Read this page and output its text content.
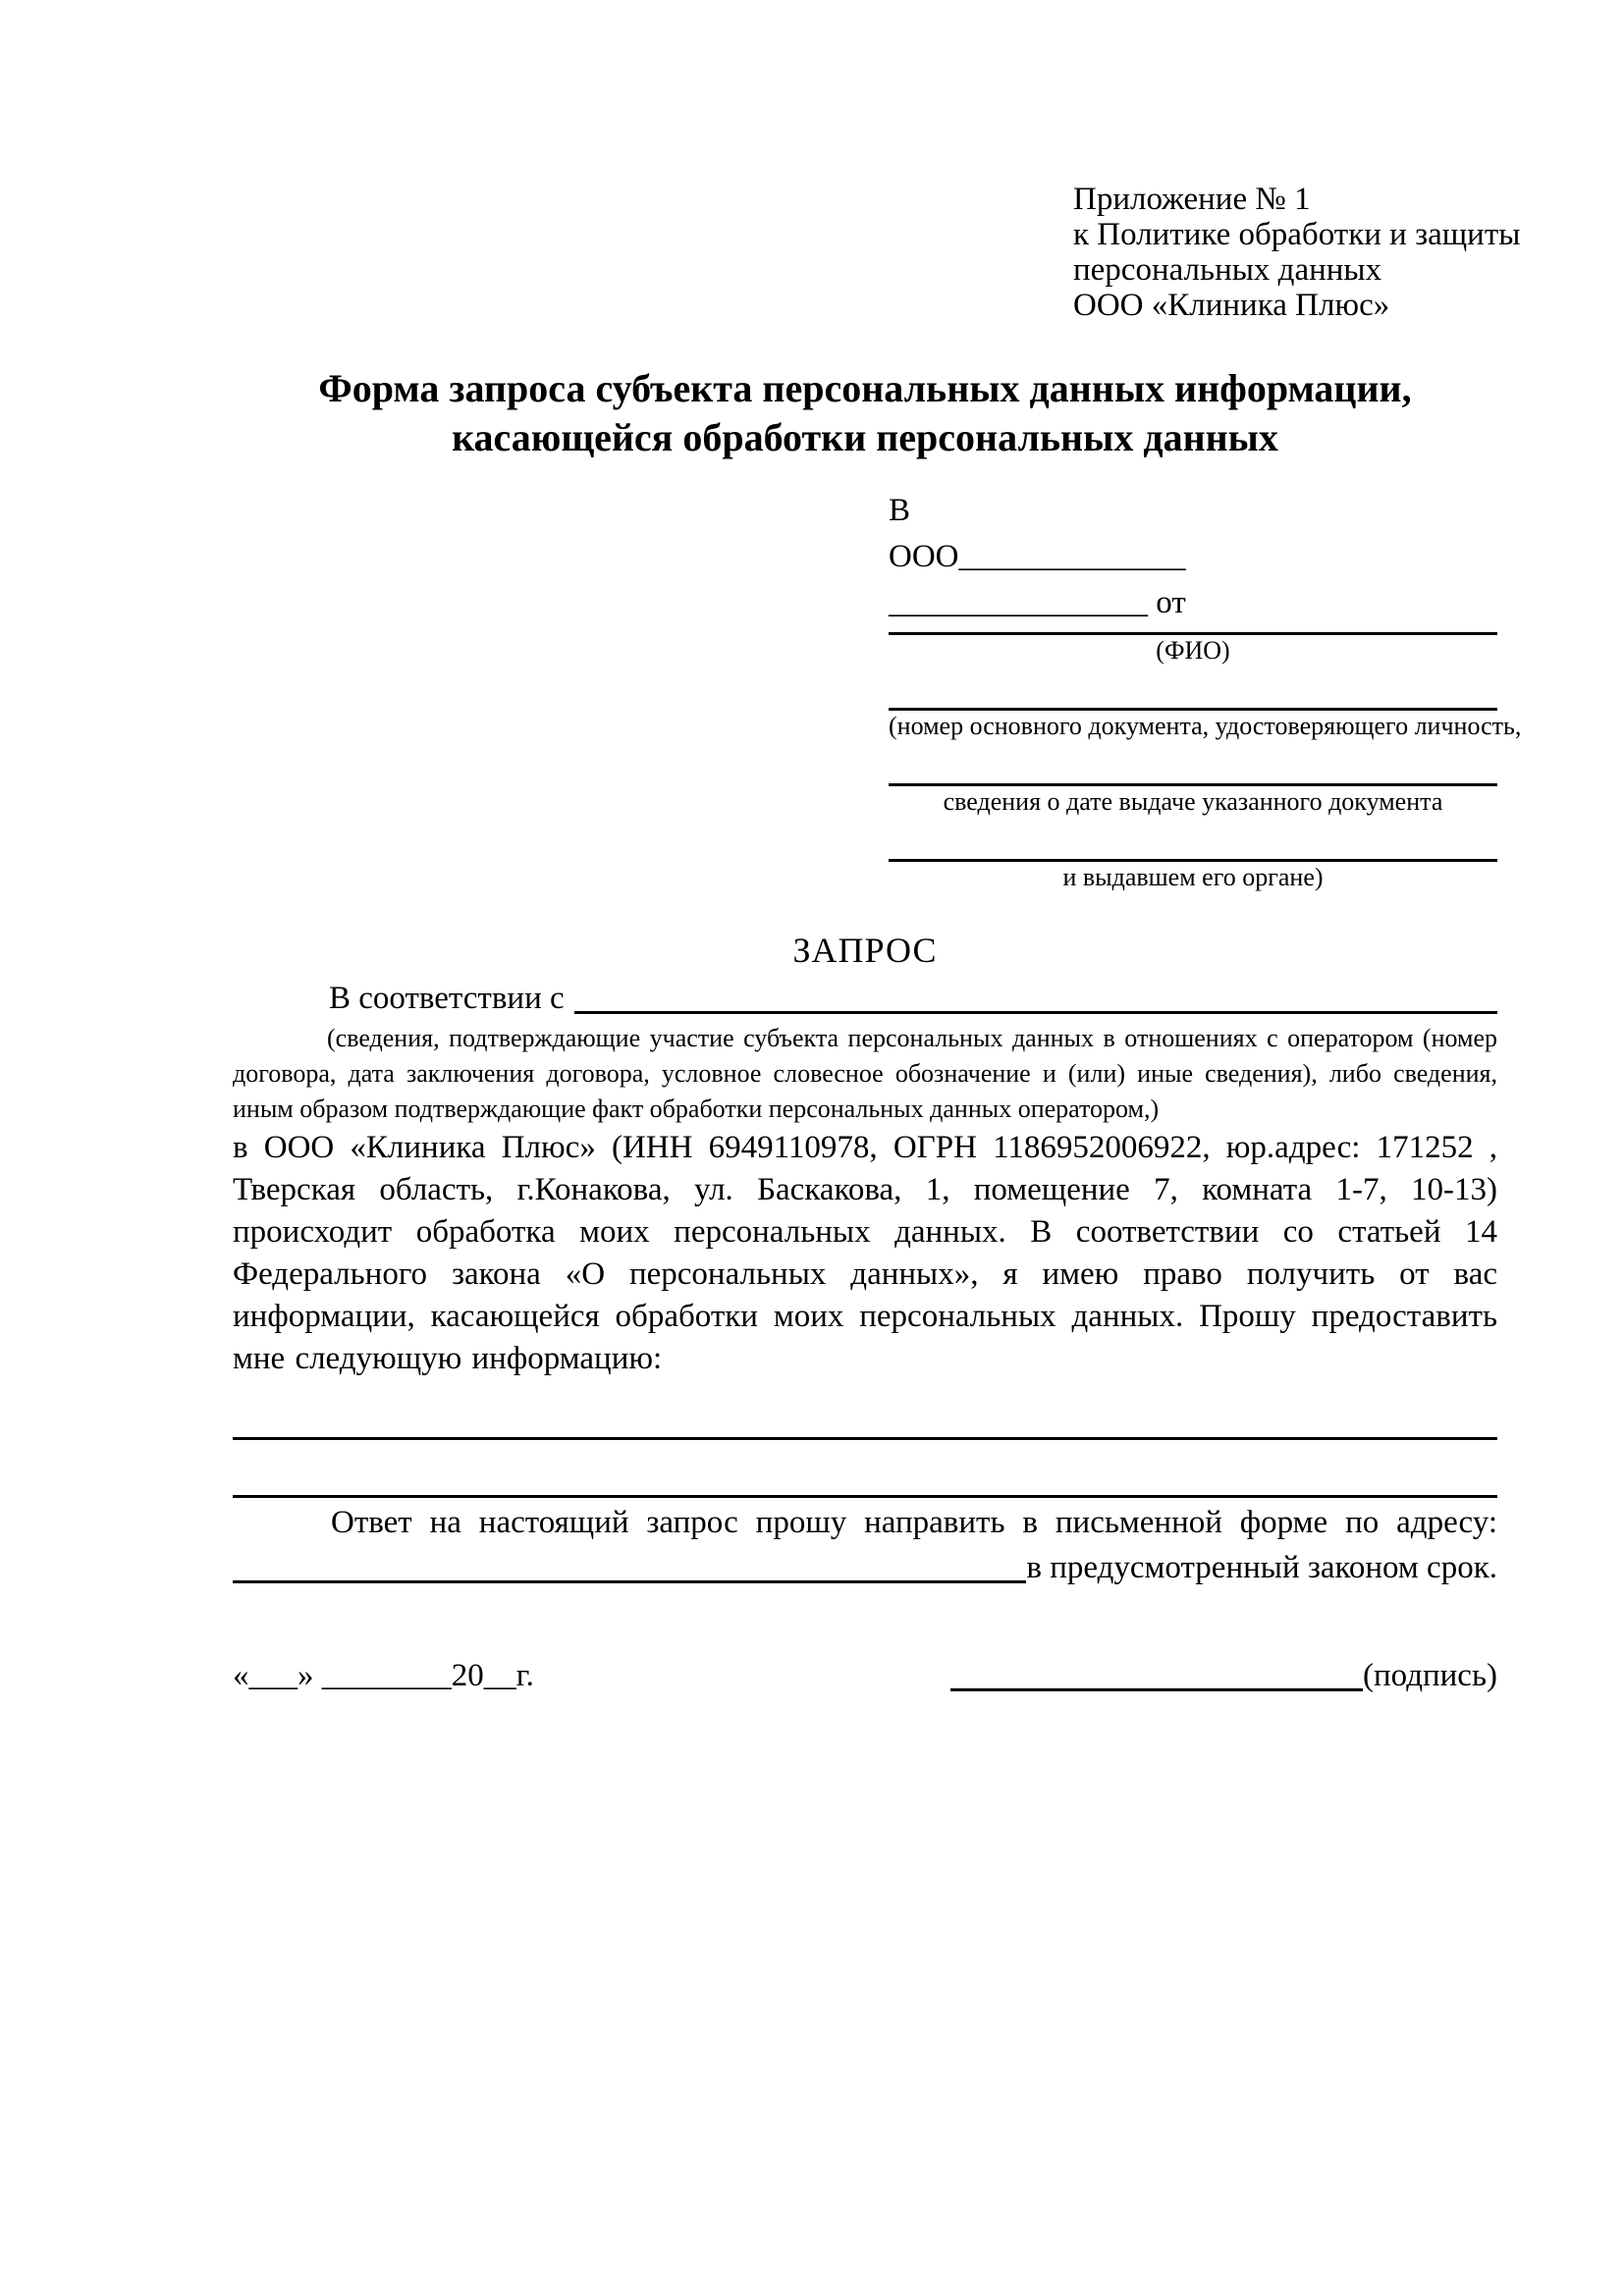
Приложение № 1
к Политике обработки и защиты
персональных данных
ООО «Клиника Плюс»
Форма запроса субъекта персональных данных информации,
касающейся обработки персональных данных
В
ООО______________
________________ от
(ФИО)
(номер основного документа, удостоверяющего личность,
сведения о дате выдаче указанного документа
и выдавшем его органе)
ЗАПРОС
В соответствии с
(сведения, подтверждающие участие субъекта персональных данных в отношениях с оператором (номер договора, дата заключения договора, условное словесное обозначение и (или) иные сведения), либо сведения, иным образом подтверждающие факт обработки персональных данных оператором,)
в ООО «Клиника Плюс» (ИНН 6949110978, ОГРН 1186952006922, юр.адрес: 171252 , Тверская область, г.Конакова, ул. Баскакова, 1, помещение 7, комната 1-7, 10-13) происходит обработка моих персональных данных. В соответствии со статьей 14 Федерального закона «О персональных данных», я имею право получить от вас информации, касающейся обработки моих персональных данных. Прошу предоставить мне следующую информацию:
Ответ на настоящий запрос прошу направить в письменной форме по адресу:
в предусмотренный законом срок.
«___» ________20__г.	(подпись)
